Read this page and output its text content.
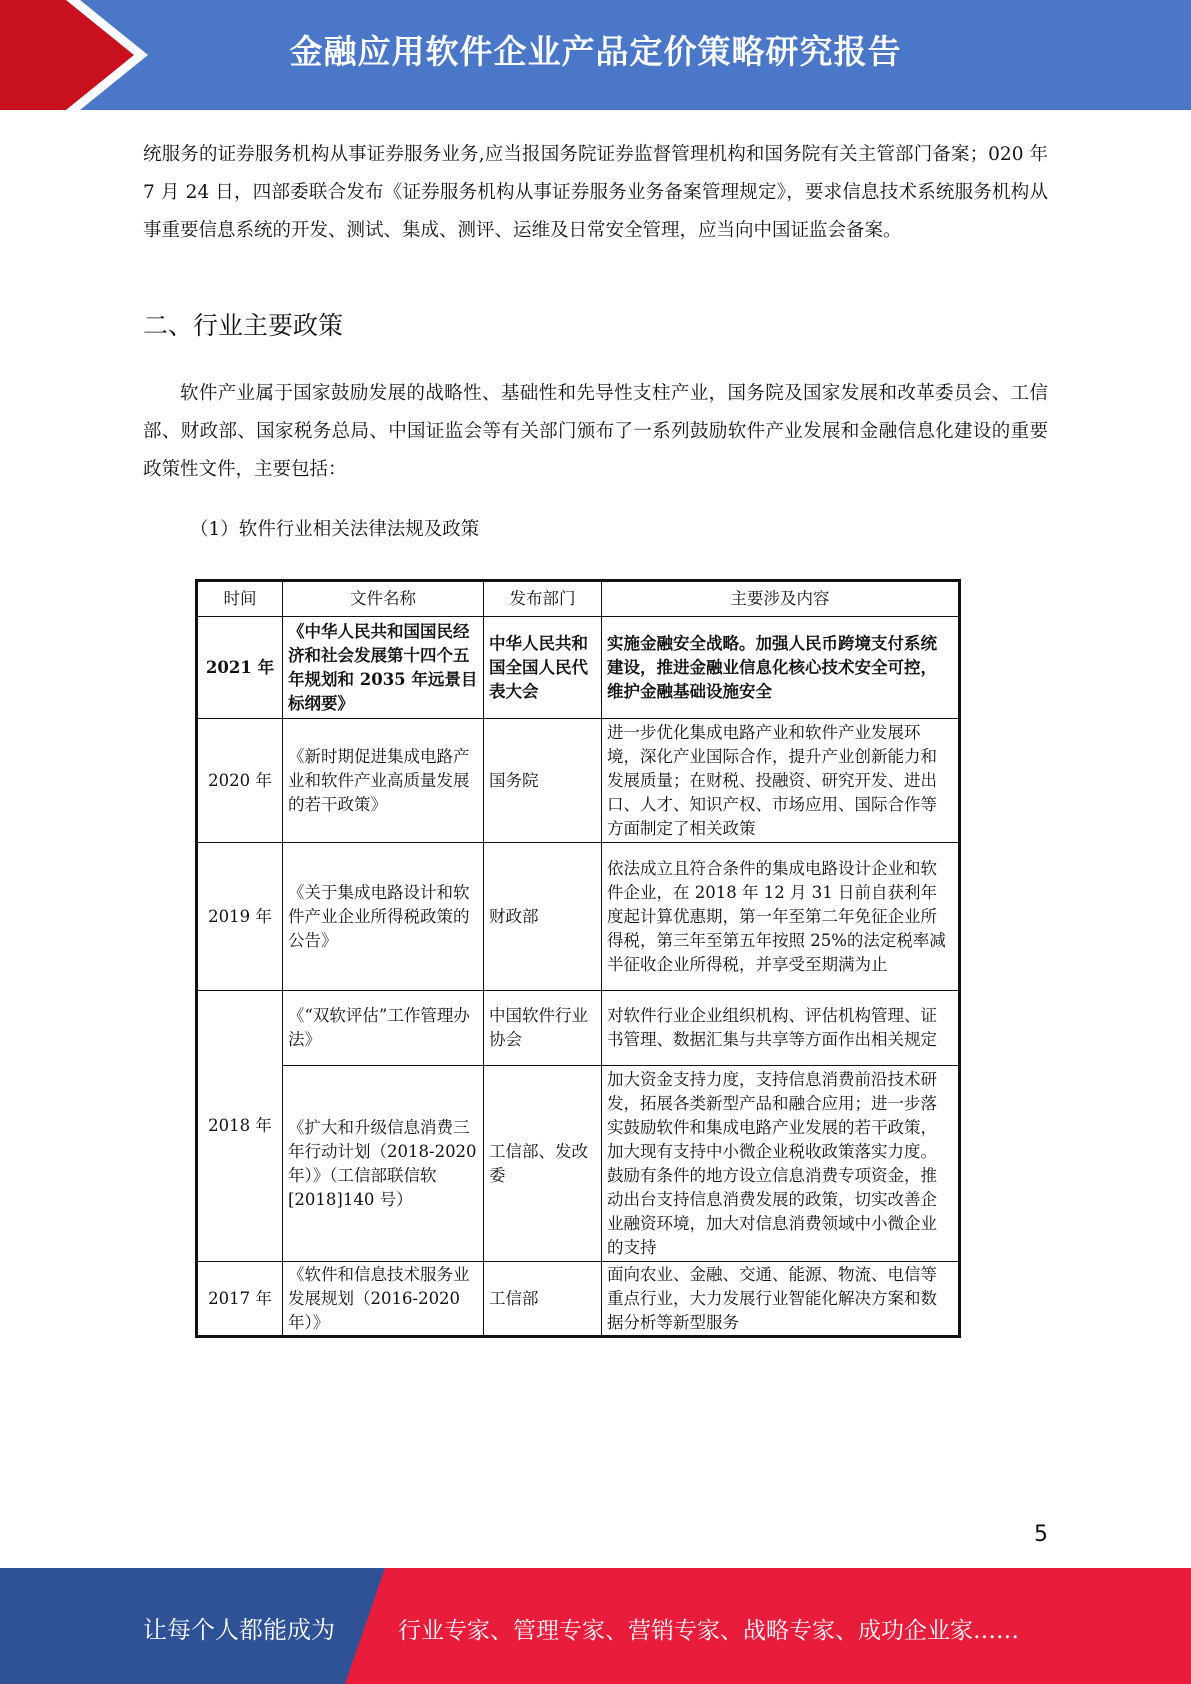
金融应用软件企业产品定价策略研究报告

统服务的证券服务机构从事证券服务业务,应当报国务院证券监督管理机构和国务院有关主管部门备案；020 年 7 月 24 日，四部委联合发布《证券服务机构从事证券服务业务备案管理规定》，要求信息技术系统服务机构从事重要信息系统的开发、测试、集成、测评、运维及日常安全管理，应当向中国证监会备案。

二、行业主要政策

软件产业属于国家鼓励发展的战略性、基础性和先导性支柱产业，国务院及国家发展和改革委员会、工信部、财政部、国家税务总局、中国证监会等有关部门颁布了一系列鼓励软件产业发展和金融信息化建设的重要政策性文件，主要包括：

（1）软件行业相关法律法规及政策
时间	文件名称	发布部门	主要涉及内容
2021 年	《中华人民共和国国民经济和社会发展第十四个五年规划和 2035 年远景目标纲要》	中华人民共和国全国人民代表大会	实施金融安全战略。加强人民币跨境支付系统建设，推进金融业信息化核心技术安全可控，维护金融基础设施安全
2020 年	《新时期促进集成电路产业和软件产业高质量发展的若干政策》	国务院	进一步优化集成电路产业和软件产业发展环境，深化产业国际合作，提升产业创新能力和发展质量；在财税、投融资、研究开发、进出口、人才、知识产权、市场应用、国际合作等方面制定了相关政策
2019 年	《关于集成电路设计和软件产业企业所得税政策的公告》	财政部	依法成立且符合条件的集成电路设计企业和软件企业，在 2018 年 12 月 31 日前自获利年度起计算优惠期，第一年至第二年免征企业所得税，第三年至第五年按照 25%的法定税率减半征收企业所得税，并享受至期满为止
2018 年	《“双软评估”工作管理办法》	中国软件行业协会	对软件行业企业组织机构、评估机构管理、证书管理、数据汇集与共享等方面作出相关规定
	《扩大和升级信息消费三年行动计划（2018-2020 年）》（工信部联信软[2018]140 号）	工信部、发改委	加大资金支持力度，支持信息消费前沿技术研发，拓展各类新型产品和融合应用；进一步落实鼓励软件和集成电路产业发展的若干政策，加大现有支持中小微企业税收政策落实力度。鼓励有条件的地方设立信息消费专项资金，推动出台支持信息消费发展的政策，切实改善企业融资环境，加大对信息消费领域中小微企业的支持
2017 年	《软件和信息技术服务业发展规划（2016-2020 年）》	工信部	面向农业、金融、交通、能源、物流、电信等重点行业，大力发展行业智能化解决方案和数据分析等新型服务
5
让每个人都能成为	行业专家、管理专家、营销专家、战略专家、成功企业家……
